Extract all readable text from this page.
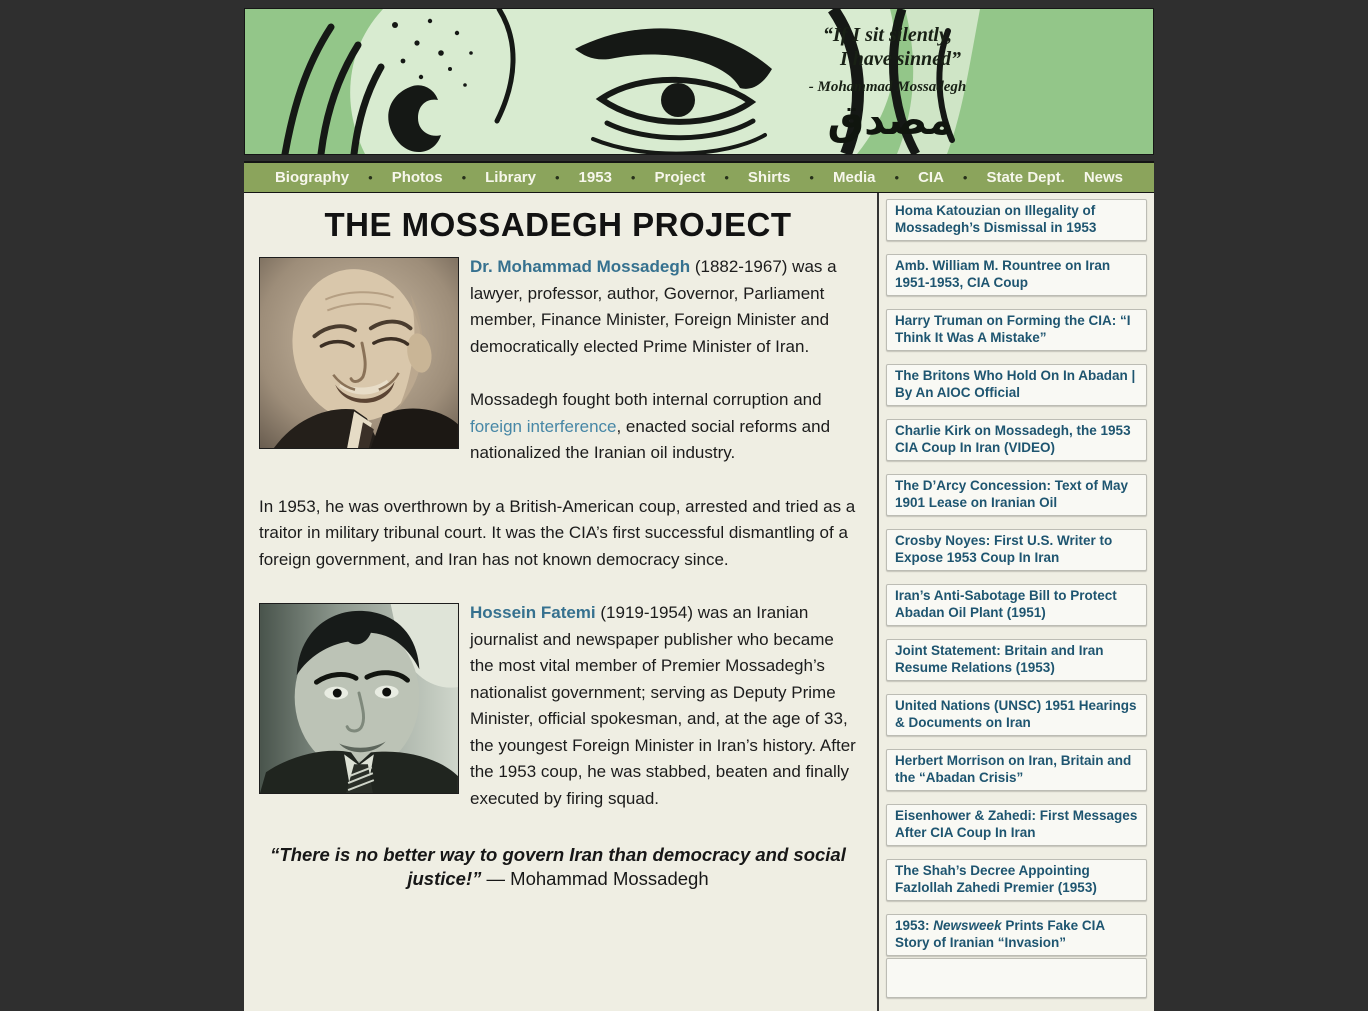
“If I sit silently,
I have sinned”
- Mohammad Mossadegh
مصدق
Biography • Photos • Library • 1953 • Project • Shirts • Media • CIA • State Dept. News
THE MOSSADEGH PROJECT

Dr. Mohammad Mossadegh (1882-1967) was a lawyer, professor, author, Governor, Parliament member, Finance Minister, Foreign Minister and democratically elected Prime Minister of Iran.

Mossadegh fought both internal corruption and foreign interference, enacted social reforms and nationalized the Iranian oil industry.

In 1953, he was overthrown by a British-American coup, arrested and tried as a traitor in military tribunal court. It was the CIA’s first successful dismantling of a foreign government, and Iran has not known democracy since.

Hossein Fatemi (1919-1954) was an Iranian journalist and newspaper publisher who became the most vital member of Premier Mossadegh’s nationalist government; serving as Deputy Prime Minister, official spokesman, and, at the age of 33, the youngest Foreign Minister in Iran’s history. After the 1953 coup, he was stabbed, beaten and finally executed by firing squad.

“There is no better way to govern Iran than democracy and social justice!” — Mohammad Mossadegh
Homa Katouzian on Illegality of Mossadegh’s Dismissal in 1953
Amb. William M. Rountree on Iran 1951-1953, CIA Coup
Harry Truman on Forming the CIA: “I Think It Was A Mistake”
The Britons Who Hold On In Abadan | By An AIOC Official
Charlie Kirk on Mossadegh, the 1953 CIA Coup In Iran (VIDEO)
The D’Arcy Concession: Text of May 1901 Lease on Iranian Oil
Crosby Noyes: First U.S. Writer to Expose 1953 Coup In Iran
Iran’s Anti-Sabotage Bill to Protect Abadan Oil Plant (1951)
Joint Statement: Britain and Iran Resume Relations (1953)
United Nations (UNSC) 1951 Hearings & Documents on Iran
Herbert Morrison on Iran, Britain and the “Abadan Crisis”
Eisenhower & Zahedi: First Messages After CIA Coup In Iran
The Shah’s Decree Appointing Fazlollah Zahedi Premier (1953)
1953: Newsweek Prints Fake CIA Story of Iranian “Invasion”
